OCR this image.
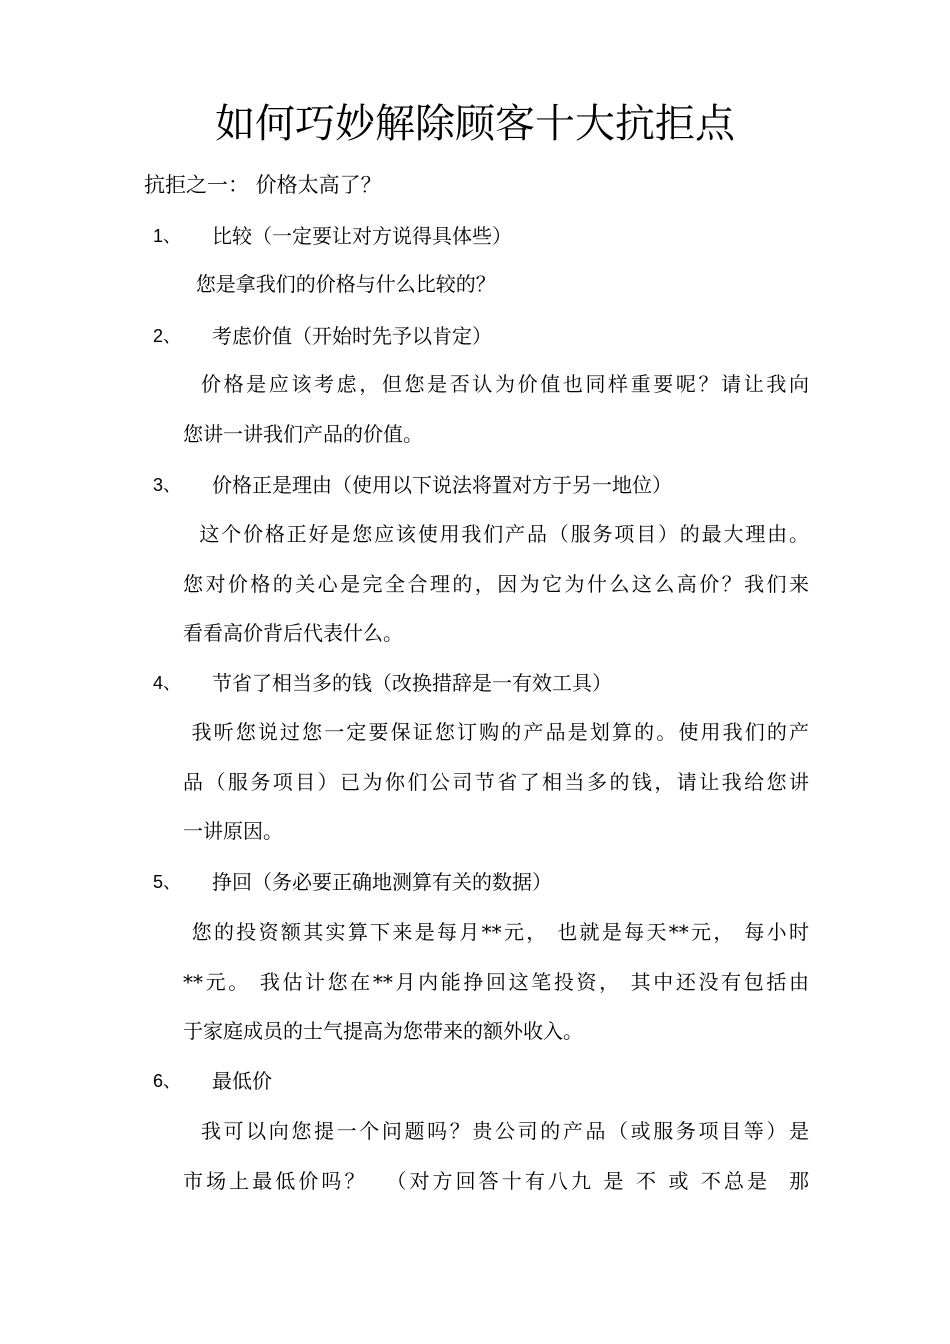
如何巧妙解除顾客十大抗拒点
抗拒之一： 价格太高了？
1、 比较（一定要让对方说得具体些）
您是拿我们的价格与什么比较的？
2、 考虑价值（开始时先予以肯定）
价格是应该考虑，但您是否认为价值也同样重要呢？请让我向
您讲一讲我们产品的价值。
3、 价格正是理由（使用以下说法将置对方于另一地位）
这个价格正好是您应该使用我们产品（服务项目）的最大理由。
您对价格的关心是完全合理的，因为它为什么这么高价？我们来
看看高价背后代表什么。
4、 节省了相当多的钱（改换措辞是一有效工具）
我听您说过您一定要保证您订购的产品是划算的。使用我们的产
品（服务项目）已为你们公司节省了相当多的钱，请让我给您讲
一讲原因。
5、 挣回（务必要正确地测算有关的数据）
您的投资额其实算下来是每月**元， 也就是每天**元， 每小时
**元。 我估计您在**月内能挣回这笔投资， 其中还没有包括由
于家庭成员的士气提高为您带来的额外收入。
6、 最低价
我可以向您提一个问题吗？贵公司的产品（或服务项目等）是
市场上最低价吗？  （对方回答十有八九 是 不 或 不总是  那
